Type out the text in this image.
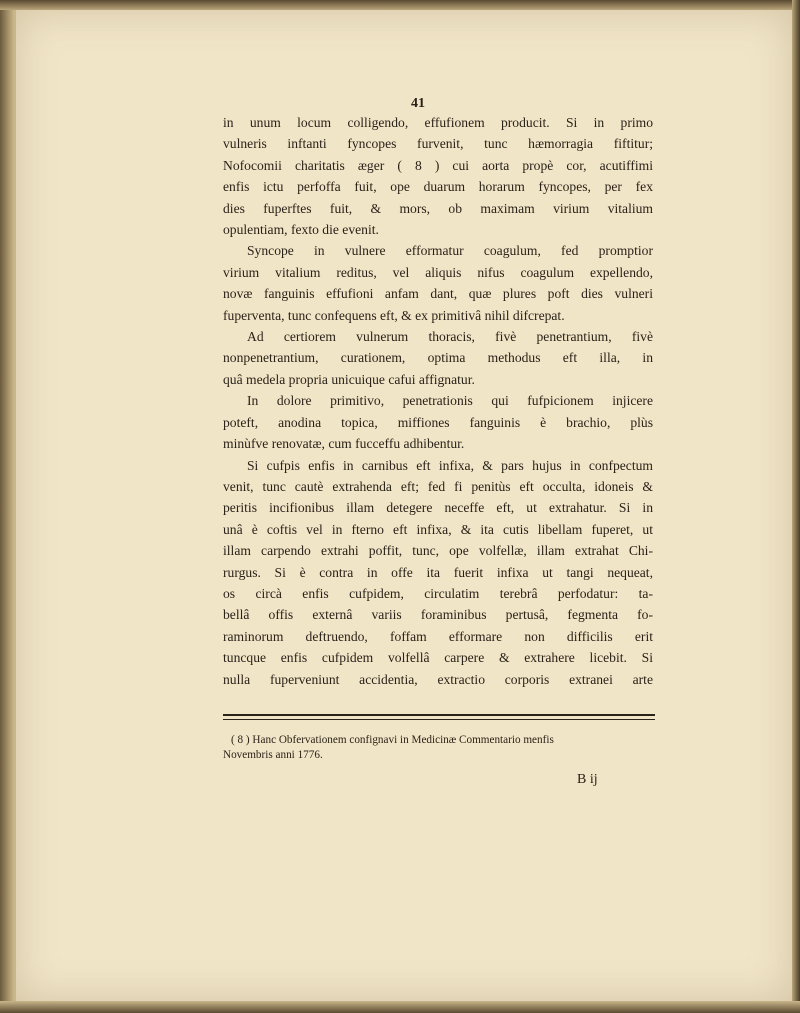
41

in unum locum colligendo, effufionem producit. Si in primo
vulneris inftanti fyncopes furvenit, tunc hæmorragia fiftitur;
Nofocomii charitatis æger ( 8 ) cui aorta propè cor, acutiffimi
enfis ictu perfoffa fuit, ope duarum horarum fyncopes, per fex
dies fuperftes fuit, & mors, ob maximam virium vitalium
opulentiam, fexto die evenit.

Syncope in vulnere efformatur coagulum, fed promptior
virium vitalium reditus, vel aliquis nifus coagulum expellendo,
novæ fanguinis effufioni anfam dant, quæ plures poft dies vulneri
fuperventa, tunc confequens eft, & ex primitivâ nihil difcrepat.

Ad certiorem vulnerum thoracis, fivè penetrantium, fivè
nonpenetrantium, curationem, optima methodus eft illa, in
quâ medela propria unicuique cafui affignatur.

In dolore primitivo, penetrationis qui fufpicionem injicere
poteft, anodina topica, miffiones fanguinis è brachio, plùs
minùfve renovatæ, cum fucceffu adhibentur.

Si cufpis enfis in carnibus eft infixa, & pars hujus in confpectum
venit, tunc cautè extrahenda eft; fed fi penitùs eft occulta, idoneis &
peritis incifionibus illam detegere neceffe eft, ut extrahatur. Si in
unâ è coftis vel in fterno eft infixa, & ita cutis libellam fuperet, ut
illam carpendo extrahi poffit, tunc, ope volfellæ, illam extrahat Chi-
rurgus. Si è contra in offe ita fuerit infixa ut tangi nequeat,
os circà enfis cufpidem, circulatim terebrâ perfodatur: ta-
bellâ offis externâ variis foraminibus pertusâ, fegmenta fo-
raminorum deftruendo, foffam efformare non difficilis erit
tuncque enfis cufpidem volfellâ carpere & extrahere licebit. Si
nulla fuperveniunt accidentia, extractio corporis extranei arte

( 8 ) Hanc Obfervationem confignavi in Medicinæ Commentario menfis
Novembris anni 1776.
B ij
